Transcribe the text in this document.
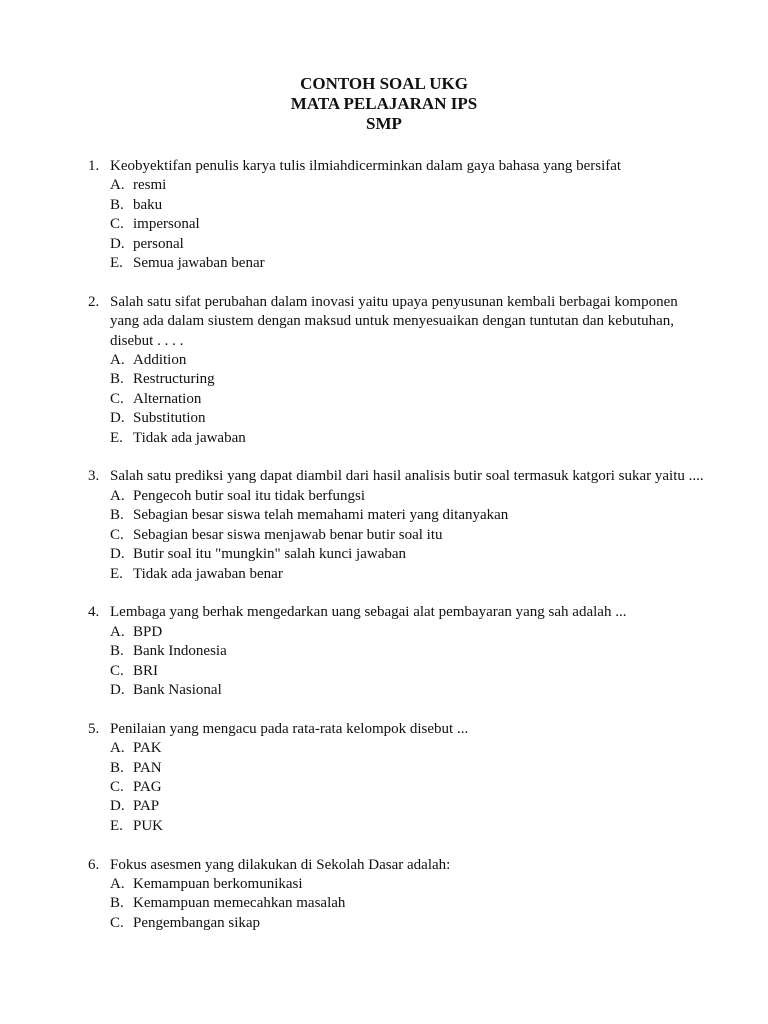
CONTOH SOAL UKG
MATA PELAJARAN IPS
SMP
1. Keobyektifan penulis karya tulis ilmiahdicerminkan dalam gaya bahasa yang bersifat
A. resmi
B. baku
C. impersonal
D. personal
E. Semua jawaban benar
2. Salah satu sifat perubahan dalam inovasi yaitu upaya penyusunan kembali berbagai komponen yang ada dalam siustem dengan maksud untuk menyesuaikan dengan tuntutan dan kebutuhan, disebut . . . .
A. Addition
B. Restructuring
C. Alternation
D. Substitution
E. Tidak ada jawaban
3. Salah satu prediksi yang dapat diambil dari hasil analisis butir soal termasuk katgori sukar yaitu ....
A. Pengecoh butir soal itu tidak berfungsi
B. Sebagian besar siswa telah memahami materi yang ditanyakan
C. Sebagian besar siswa menjawab benar butir soal itu
D. Butir soal itu "mungkin" salah kunci jawaban
E. Tidak ada jawaban benar
4. Lembaga yang berhak mengedarkan uang sebagai alat pembayaran yang sah adalah ...
A. BPD
B. Bank Indonesia
C. BRI
D. Bank Nasional
5. Penilaian yang mengacu pada rata-rata kelompok disebut ...
A. PAK
B. PAN
C. PAG
D. PAP
E. PUK
6. Fokus asesmen yang dilakukan di Sekolah Dasar adalah:
A. Kemampuan berkomunikasi
B. Kemampuan memecahkan masalah
C. Pengembangan sikap
